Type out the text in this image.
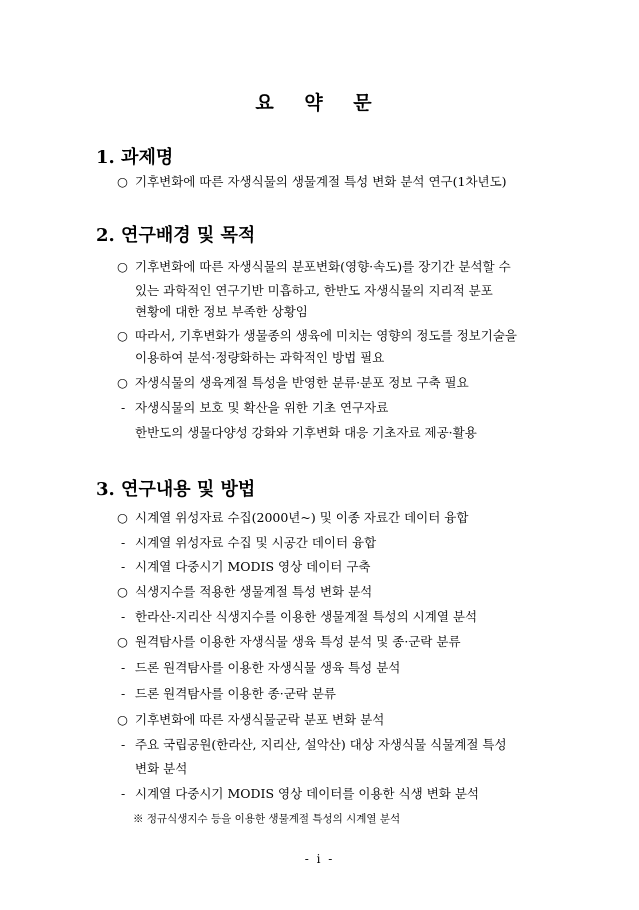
요 약 문
1. 과제명
○ 기후변화에 따른 자생식물의 생물계절 특성 변화 분석 연구(1차년도)
2. 연구배경 및 목적
○ 기후변화에 따른 자생식물의 분포변화(영향·속도)를 장기간 분석할 수
있는 과학적인 연구기반 미흡하고, 한반도 자생식물의 지리적 분포
현황에 대한 정보 부족한 상황임
○ 따라서, 기후변화가 생물종의 생육에 미치는 영향의 정도를 정보기술을
이용하여 분석·정량화하는 과학적인 방법 필요
○ 자생식물의 생육계절 특성을 반영한 분류·분포 정보 구축 필요
- 자생식물의 보호 및 확산을 위한 기초 연구자료
한반도의 생물다양성 강화와 기후변화 대응 기초자료 제공·활용
3. 연구내용 및 방법
○ 시계열 위성자료 수집(2000년~) 및 이종 자료간 데이터 융합
- 시계열 위성자료 수집 및 시공간 데이터 융합
- 시계열 다중시기 MODIS 영상 데이터 구축
○ 식생지수를 적용한 생물계절 특성 변화 분석
- 한라산-지리산 식생지수를 이용한 생물계절 특성의 시계열 분석
○ 원격탐사를 이용한 자생식물 생육 특성 분석 및 종·군락 분류
- 드론 원격탐사를 이용한 자생식물 생육 특성 분석
- 드론 원격탐사를 이용한 종·군락 분류
○ 기후변화에 따른 자생식물군락 분포 변화 분석
- 주요 국립공원(한라산, 지리산, 설악산) 대상 자생식물 식물계절 특성
변화 분석
- 시계열 다중시기 MODIS 영상 데이터를 이용한 식생 변화 분석
※ 정규식생지수 등을 이용한 생물계절 특성의 시계열 분석
- i -
